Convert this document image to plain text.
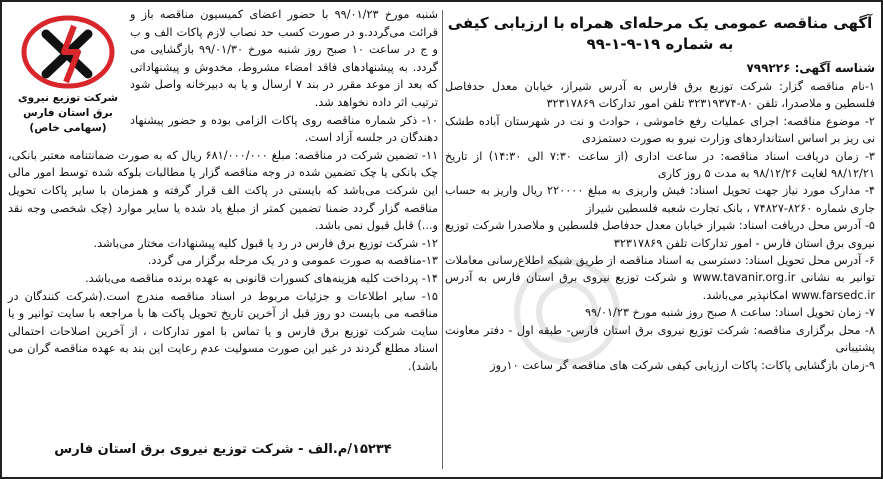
آگهی مناقصه عمومی یک مرحله‌ای همراه با ارزیابی کیفی
به شماره ۱۹-۹-۱-۹۹
شناسه آگهی: ۷۹۹۲۲۶

۱-نام مناقصه گزار: شرکت توزیع برق فارس به آدرس شیراز، خیابان معدل حدفاصل فلسطین و ملاصدرا، تلفن ۸۰-۳۲۳۱۹۳۷۴ تلفن امور تدارکات ۳۲۳۱۷۸۶۹

۲- موضوع مناقصه: اجرای عملیات رفع خاموشی ، حوادث و نت در شهرستان آباده طشک نی ریز بر اساس استانداردهای وزارت نیرو به صورت دستمزدی

۳- زمان دریافت اسناد مناقصه: در ساعت اداری (از ساعت ۷:۳۰ الی ۱۴:۳۰) از تاریخ ۹۸/۱۲/۲۱ لغایت ۹۸/۱۲/۲۶ به مدت ۵ روز کاری

۴- مدارک مورد نیاز جهت تحویل اسناد: فیش واریزی به مبلغ ۲۲۰۰۰۰ ریال واریز به حساب جاری شماره ۸۲۶۰-۷۴۸۲۷ ، بانک تجارت شعبه فلسطین شیراز

۵- آدرس محل دریافت اسناد: شیراز خیابان معدل حدفاصل فلسطین و ملاصدرا شرکت توزیع نیروی برق استان فارس - امور تدارکات تلفن ۳۲۳۱۷۸۶۹

۶- آدرس محل تحویل اسناد: دسترسی به اسناد مناقصه از طریق شبکه اطلاع‌رسانی معاملات توانیر به نشانی www.tavanir.org.ir و شرکت توزیع نیروی برق استان فارس به آدرس www.farsedc.ir امکانپذیر می‌باشد.

۷- زمان تحویل اسناد: ساعت ۸ صبح روز شنبه مورخ ۹۹/۰۱/۲۳

۸- محل برگزاری مناقصه: شرکت توزیع نیروی برق استان فارس- طبقه اول - دفتر معاونت پشتیبانی

۹-زمان بازگشایی پاکات: پاکات ارزیابی کیفی شرکت های مناقصه گر ساعت ۱۰روز

شرکت توزیع نیروی
برق استان فارس
(سهامی خاص)

شنبه مورخ ۹۹/۰۱/۲۳ با حضور اعضای کمیسیون مناقصه باز و قرائت می‌گردد.و در صورت کسب حد نصاب لازم پاکات الف و ب و ج در ساعت ۱۰ صبح روز شنبه مورخ ۹۹/۰۱/۳۰ بازگشایی می گردد. به پیشنهادهای فاقد امضاء مشروط، مخدوش و پیشنهاداتی که بعد از موعد مقرر در بند ۷ ارسال و یا به دبیرخانه واصل شود ترتیب اثر داده نخواهد شد.

۱۰- ذکر شماره مناقصه روی پاکات الزامی بوده و حضور پیشنهاد دهندگان در جلسه آزاد است.

۱۱- تضمین شرکت در مناقصه: مبلغ ۶۸۱/۰۰۰/۰۰۰ ریال که به صورت ضمانتنامه معتبر بانکی، چک بانکی یا چک تضمین شده در وجه مناقصه گزار یا مطالبات بلوکه شده توسط امور مالی این شرکت می‌باشد که بایستی در پاکت الف قرار گرفته و همزمان با سایر پاکات تحویل مناقصه گزار گردد ضمنا تضمین کمتر از مبلغ یاد شده یا سایر موارد (چک شخصی وجه نقد و...) قابل قبول نمی باشد.

۱۲- شرکت توزیع برق فارس در رد یا قبول کلیه پیشنهادات مختار می‌باشد.

۱۳-مناقصه به صورت عمومی و در یک مرحله برگزار می گردد.

۱۴- پرداخت کلیه هزینه‌های کسورات قانونی به عهده برنده مناقصه می‌باشد.

۱۵- سایر اطلاعات و جزئیات مربوط در اسناد مناقصه مندرج است.(شرکت کنندگان در مناقصه می بایست دو روز قبل از آخرین تاریخ تحویل پاکت ها با مراجعه با سایت توانیر و یا سایت شرکت توزیع برق فارس و یا تماس با امور تدارکات ، از آخرین اصلاحات احتمالی اسناد مطلع گردند در غیر این صورت مسولیت عدم رعایت این بند به عهده مناقصه گران می باشد).

۱۵۲۳۴/م.الف - شرکت توزیع نیروی برق استان فارس
